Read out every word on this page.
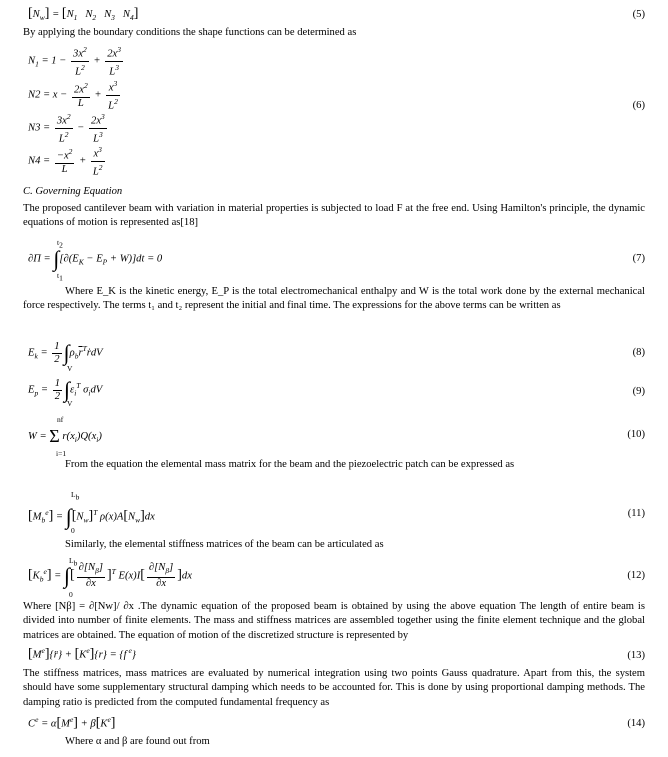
$[N_w] = [N_1$   $N_2$   $N_3$   $N_4$]	(5)

By applying the boundary conditions the shape functions can be determined as

$N_1 = 1 - \frac{3x^2}{L^2} + \frac{2x^3}{L^3}$
$N2 = x - \frac{2x^2}{L} + \frac{x^3}{L^2}$
$N3 = \frac{3x^2}{L^2} - \frac{2x^3}{L^3}$
$N4 = \frac{-x^2}{L} + \frac{x^3}{L^2}$
(6)
C. Governing Equation

The proposed cantilever beam with variation in material properties is subjected to load F at the free end. Using Hamilton's principle, the dynamic equations of motion is represented as[18]

$\partial\Pi = \int[\partial(E_K - E_P + W)]dt = 0$
$t_2$
$t_1$
(7)

Where E_K is the kinetic energy, E_P is the total electromechanical enthalpy and W is the total work done by the external mechanical force respectively. The terms t₁ and t₂ represent the initial and final time. The expressions for the above terms can be written as

$E_k = \frac{1}{2}$ $\int\rho_b\overline{r}^TṙdV$
V
(8)
$E_p = \frac{1}{2} \int\varepsilon_i^T$ $\sigma_idV$
V
(9)
W = Σ $r(x_i)Q(x_i)$
nf
i=1
(10)

From the equation the elemental mass matrix for the beam and the piezoelectric patch can be expressed as

$[M_b^e] = \int[N_w]^T$ $\rho(x)A[N_w]dx$
$L_b$
0
(11)

Similarly, the elemental stiffness matrices of the beam can be articulated as

$[K_b^e]$ = ∫[ $\frac{\partial[N_\beta]}{\partial x} ]^T$ $E(x)I[ \frac{\partial[N_\beta]}{\partial x} ]dx$
$L_b$
0
(12)

Where [Nβ] = ∂[Nw]/ ∂x .The dynamic equation of the proposed beam is obtained by using the above equation The length of entire beam is divided into number of finite elements. The mass and stiffness matrices are assembled together using the finite element technique and the global matrices are obtained. The equation of motion of the discretized structure is represented by

$[M^e]\{r̈\} + [K^e]\{r\} = \{f$ $^e$}	(13)

The stiffness matrices, mass matrices are evaluated by numerical integration using two points Gauss quadrature. Apart from this, the system should have some supplementary structural damping which needs to be accounted for. This is done by using proportional damping methods. The damping ratio is predicted from the computed fundamental frequency as

$C^e = \alpha[M^e] + \beta[K^e]$	(14)

Where α and β are found out from
